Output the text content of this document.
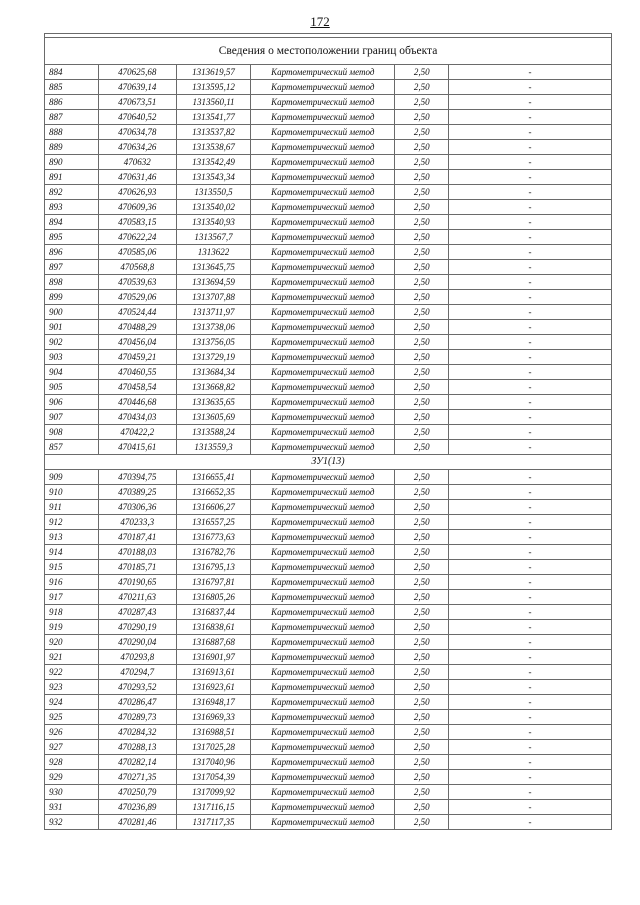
172

Сведения о местоположении границ объекта					
884	470625,68	1313619,57	Картометрический метод	2,50	-
885	470639,14	1313595,12	Картометрический метод	2,50	-
886	470673,51	1313560,11	Картометрический метод	2,50	-
887	470640,52	1313541,77	Картометрический метод	2,50	-
888	470634,78	1313537,82	Картометрический метод	2,50	-
889	470634,26	1313538,67	Картометрический метод	2,50	-
890	470632	1313542,49	Картометрический метод	2,50	-
891	470631,46	1313543,34	Картометрический метод	2,50	-
892	470626,93	1313550,5	Картометрический метод	2,50	-
893	470609,36	1313540,02	Картометрический метод	2,50	-
894	470583,15	1313540,93	Картометрический метод	2,50	-
895	470622,24	1313567,7	Картометрический метод	2,50	-
896	470585,06	1313622	Картометрический метод	2,50	-
897	470568,8	1313645,75	Картометрический метод	2,50	-
898	470539,63	1313694,59	Картометрический метод	2,50	-
899	470529,06	1313707,88	Картометрический метод	2,50	-
900	470524,44	1313711,97	Картометрический метод	2,50	-
901	470488,29	1313738,06	Картометрический метод	2,50	-
902	470456,04	1313756,05	Картометрический метод	2,50	-
903	470459,21	1313729,19	Картометрический метод	2,50	-
904	470460,55	1313684,34	Картометрический метод	2,50	-
905	470458,54	1313668,82	Картометрический метод	2,50	-
906	470446,68	1313635,65	Картометрический метод	2,50	-
907	470434,03	1313605,69	Картометрический метод	2,50	-
908	470422,2	1313588,24	Картометрический метод	2,50	-
857	470415,61	1313559,3	Картометрический метод	2,50	-
ЗУ1(13)					
909	470394,75	1316655,41	Картометрический метод	2,50	-
910	470389,25	1316652,35	Картометрический метод	2,50	-
911	470306,36	1316606,27	Картометрический метод	2,50	-
912	470233,3	1316557,25	Картометрический метод	2,50	-
913	470187,41	1316773,63	Картометрический метод	2,50	-
914	470188,03	1316782,76	Картометрический метод	2,50	-
915	470185,71	1316795,13	Картометрический метод	2,50	-
916	470190,65	1316797,81	Картометрический метод	2,50	-
917	470211,63	1316805,26	Картометрический метод	2,50	-
918	470287,43	1316837,44	Картометрический метод	2,50	-
919	470290,19	1316838,61	Картометрический метод	2,50	-
920	470290,04	1316887,68	Картометрический метод	2,50	-
921	470293,8	1316901,97	Картометрический метод	2,50	-
922	470294,7	1316913,61	Картометрический метод	2,50	-
923	470293,52	1316923,61	Картометрический метод	2,50	-
924	470286,47	1316948,17	Картометрический метод	2,50	-
925	470289,73	1316969,33	Картометрический метод	2,50	-
926	470284,32	1316988,51	Картометрический метод	2,50	-
927	470288,13	1317025,28	Картометрический метод	2,50	-
928	470282,14	1317040,96	Картометрический метод	2,50	-
929	470271,35	1317054,39	Картометрический метод	2,50	-
930	470250,79	1317099,92	Картометрический метод	2,50	-
931	470236,89	1317116,15	Картометрический метод	2,50	-
932	470281,46	1317117,35	Картометрический метод	2,50	-
